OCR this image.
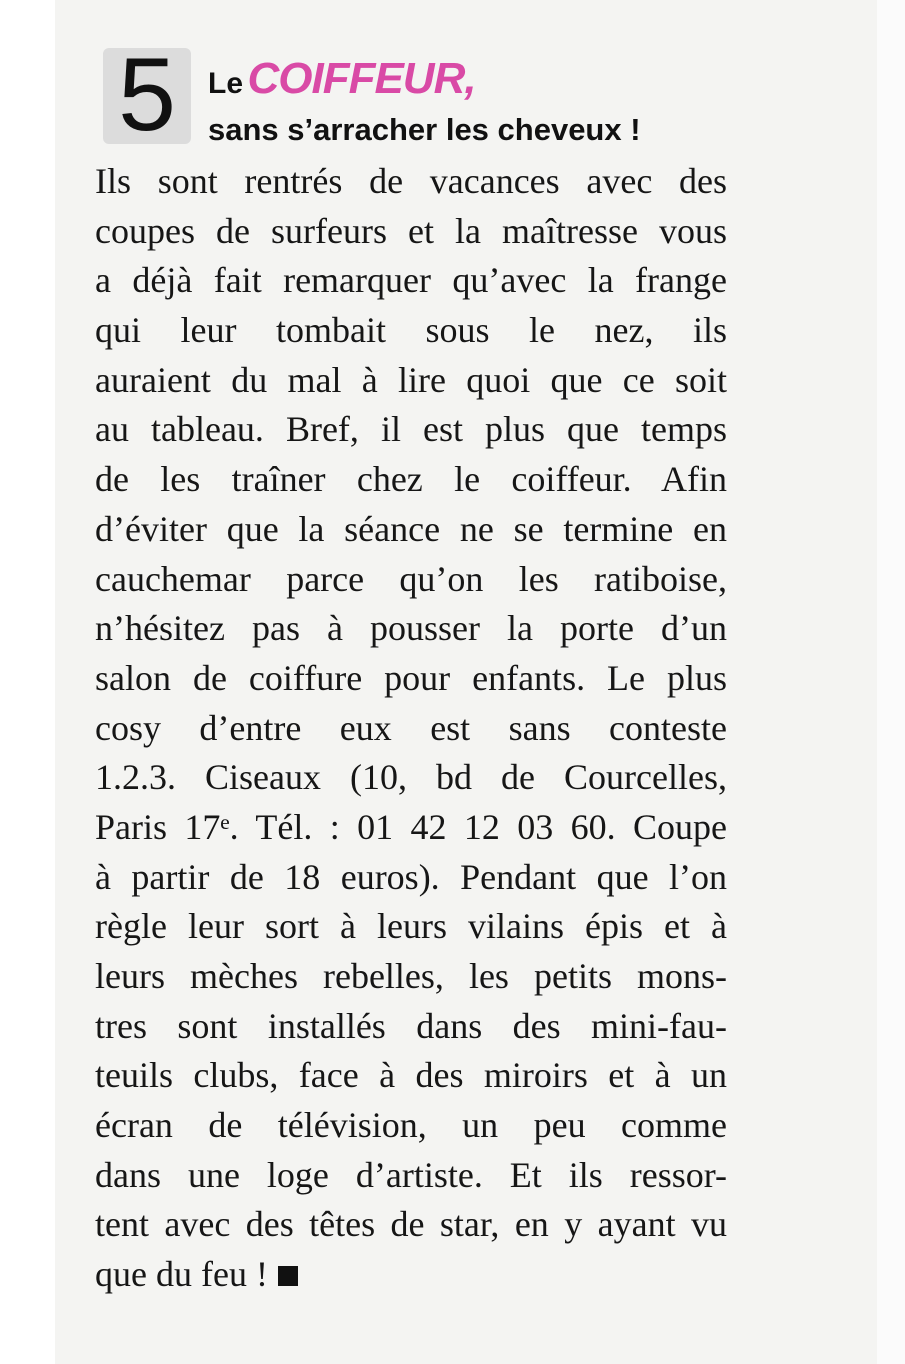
5	Le COIFFEUR,
sans s’arracher les cheveux !
Ils sont rentrés de vacances avec des
coupes de surfeurs et la maîtresse vous
a déjà fait remarquer qu’avec la frange
qui leur tombait sous le nez, ils
auraient du mal à lire quoi que ce soit
au tableau. Bref, il est plus que temps
de les traîner chez le coiffeur. Afin
d’éviter que la séance ne se termine en
cauchemar parce qu’on les ratiboise,
n’hésitez pas à pousser la porte d’un
salon de coiffure pour enfants. Le plus
cosy d’entre eux est sans conteste
1.2.3. Ciseaux (10, bd de Courcelles,
Paris 17ᵉ. Tél. : 01 42 12 03 60. Coupe
à partir de 18 euros). Pendant que l’on
règle leur sort à leurs vilains épis et à
leurs mèches rebelles, les petits mons-
tres sont installés dans des mini-fau-
teuils clubs, face à des miroirs et à un
écran de télévision, un peu comme
dans une loge d’artiste. Et ils ressor-
tent avec des têtes de star, en y ayant vu
que du feu !
